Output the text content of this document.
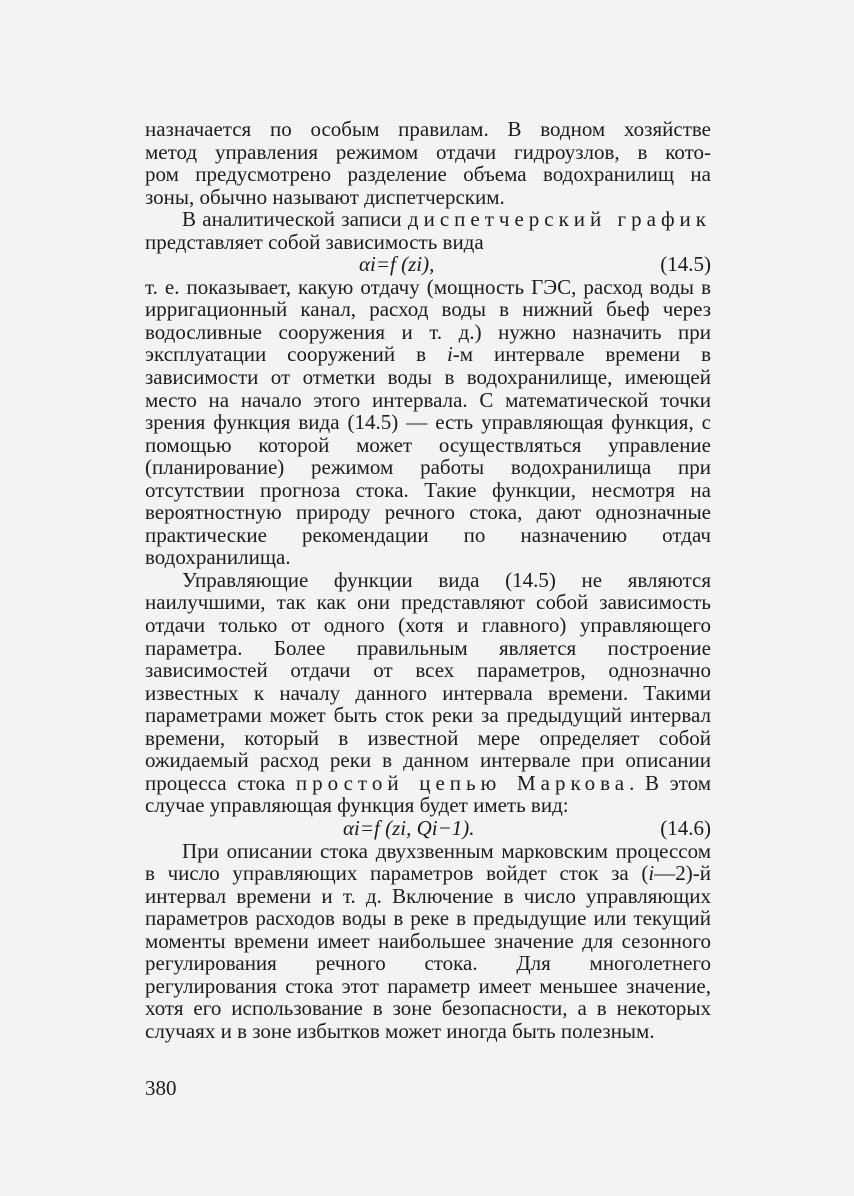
назначается по особым правилам. В водном хозяйстве
метод управления режимом отдачи гидроузлов, в кото-
ром предусмотрено разделение объема водохранилищ на
зоны, обычно называют диспетчерским.

В аналитической записи диспетчерский график представляет собой зависимость вида

αi=f (zi),	(14.5)

т. е. показывает, какую отдачу (мощность ГЭС, расход воды в ирригационный канал, расход воды в нижний бьеф через водосливные сооружения и т. д.) нужно назначить при эксплуатации сооружений в i-м интервале времени в зависимости от отметки воды в водохранилище, имеющей место на начало этого интервала. С математической точки зрения функция вида (14.5) — есть управляющая функция, с помощью которой может осуществляться управление (планирование) режимом работы водохранилища при отсутствии прогноза стока. Такие функции, несмотря на вероятностную природу речного стока, дают однозначные практические рекомендации по назначению отдач водохранилища.

Управляющие функции вида (14.5) не являются наилучшими, так как они представляют собой зависимость отдачи только от одного (хотя и главного) управляющего параметра. Более правильным является построение зависимостей отдачи от всех параметров, однозначно известных к началу данного интервала времени. Такими параметрами может быть сток реки за предыдущий интервал времени, который в известной мере определяет собой ожидаемый расход реки в данном интервале при описании процесса стока простой цепью Маркова. В этом случае управляющая функция будет иметь вид:

αi=f (zi, Qi−1).	(14.6)

При описании стока двухзвенным марковским процессом в число управляющих параметров войдет сток за (i—2)-й интервал времени и т. д. Включение в число управляющих параметров расходов воды в реке в предыдущие или текущий моменты времени имеет наибольшее значение для сезонного регулирования речного стока. Для многолетнего регулирования стока этот параметр имеет меньшее значение, хотя его использование в зоне безопасности, а в некоторых случаях и в зоне избытков может иногда быть полезным.

380
